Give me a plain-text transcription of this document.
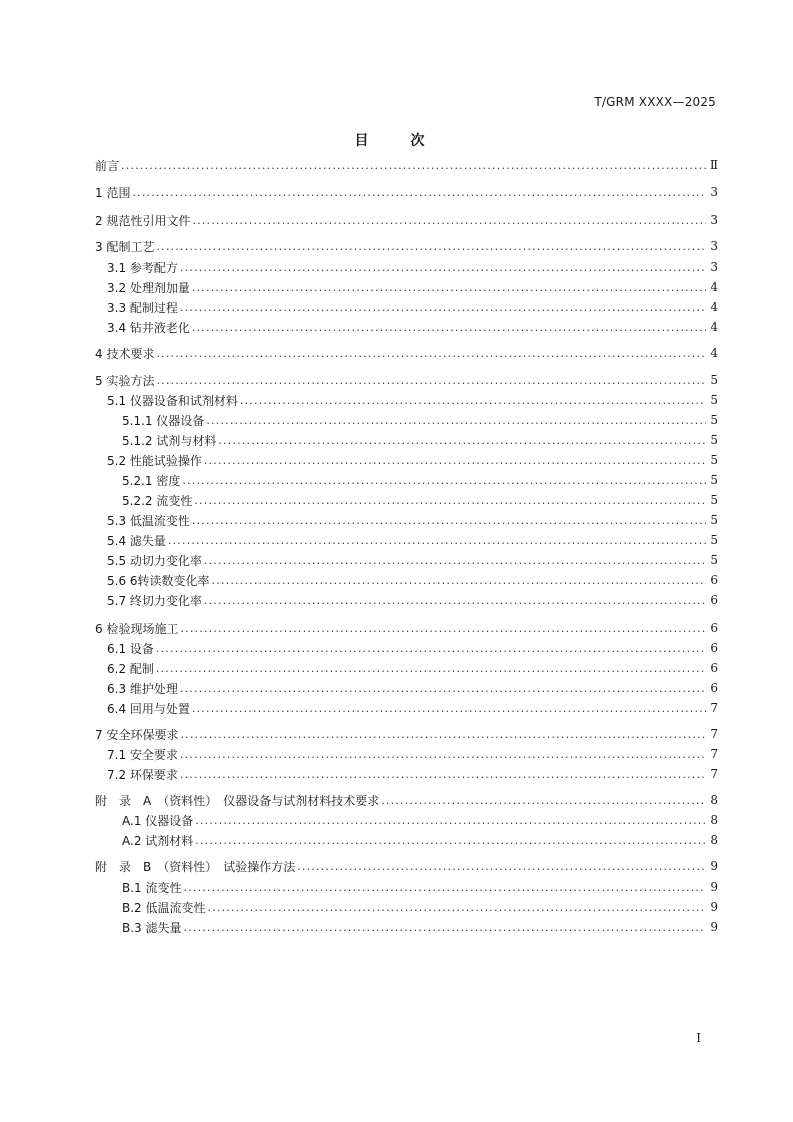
T/GRM XXXX—2025
目　次
前言 .....	Ⅱ
1 范围 .....	3
2 规范性引用文件 .....	3
3 配制工艺 .....	3
3.1 参考配方 .....	3
3.2 处理剂加量 .....	4
3.3 配制过程 .....	4
3.4 钻井液老化 .....	4
4 技术要求 .....	4
5 实验方法 .....	5
5.1 仪器设备和试剂材料 .....	5
5.1.1 仪器设备 .....	5
5.1.2 试剂与材料 .....	5
5.2 性能试验操作 .....	5
5.2.1 密度 .....	5
5.2.2 流变性 .....	5
5.3 低温流变性 .....	5
5.4 滤失量 .....	5
5.5 动切力变化率 .....	5
5.6 6转读数变化率 .....	6
5.7 终切力变化率 .....	6
6 检验现场施工 .....	6
6.1 设备 .....	6
6.2 配制 .....	6
6.3 维护处理 .....	6
6.4 回用与处置 .....	7
7 安全环保要求 .....	7
7.1 安全要求 .....	7
7.2 环保要求 .....	7
附　录　A　（资料性）　仪器设备与试剂材料技术要求 .....	8
A.1 仪器设备 .....	8
A.2 试剂材料 .....	8
附　录　B　（资料性）　试验操作方法 .....	9
B.1 流变性 .....	9
B.2 低温流变性 .....	9
B.3 滤失量 .....	9
I
